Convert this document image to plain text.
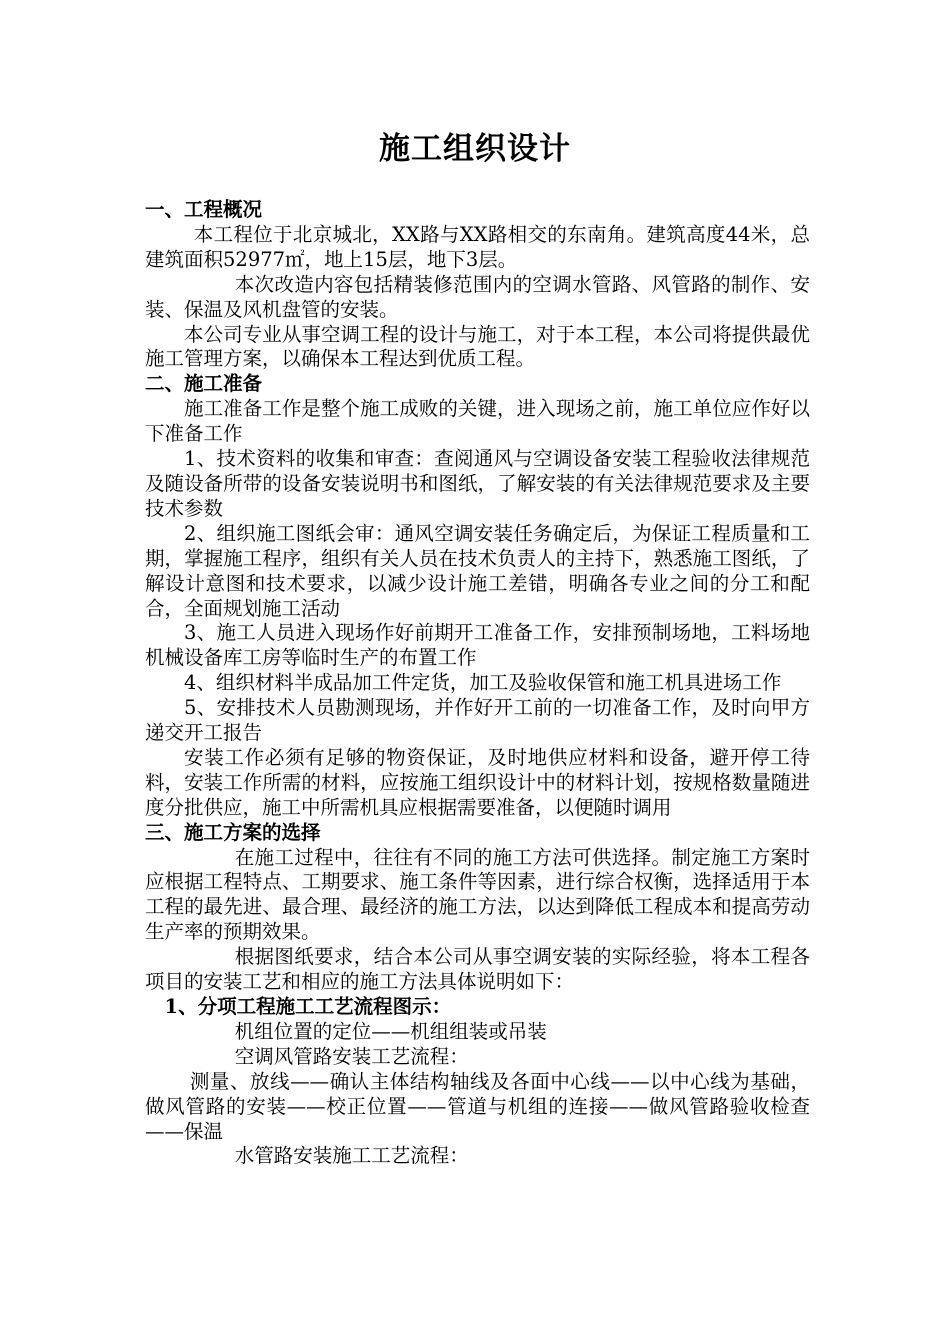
施工组织设计

一、工程概况

本工程位于北京城北，XX路与XX路相交的东南角。建筑高度44米，总建筑面积52977㎡，地上15层，地下3层。

本次改造内容包括精装修范围内的空调水管路、风管路的制作、安装、保温及风机盘管的安装。

本公司专业从事空调工程的设计与施工，对于本工程，本公司将提供最优施工管理方案，以确保本工程达到优质工程。

二、施工准备

施工准备工作是整个施工成败的关键，进入现场之前，施工单位应作好以下准备工作

1、技术资料的收集和审查：查阅通风与空调设备安装工程验收法律规范及随设备所带的设备安装说明书和图纸，了解安装的有关法律规范要求及主要技术参数

2、组织施工图纸会审：通风空调安装任务确定后，为保证工程质量和工期，掌握施工程序，组织有关人员在技术负责人的主持下，熟悉施工图纸，了解设计意图和技术要求，以减少设计施工差错，明确各专业之间的分工和配合，全面规划施工活动

3、施工人员进入现场作好前期开工准备工作，安排预制场地，工料场地机械设备库工房等临时生产的布置工作

4、组织材料半成品加工件定货，加工及验收保管和施工机具进场工作

5、安排技术人员勘测现场，并作好开工前的一切准备工作，及时向甲方递交开工报告

安装工作必须有足够的物资保证，及时地供应材料和设备，避开停工待料，安装工作所需的材料，应按施工组织设计中的材料计划，按规格数量随进度分批供应，施工中所需机具应根据需要准备，以便随时调用

三、施工方案的选择

在施工过程中，往往有不同的施工方法可供选择。制定施工方案时应根据工程特点、工期要求、施工条件等因素，进行综合权衡，选择适用于本工程的最先进、最合理、最经济的施工方法，以达到降低工程成本和提高劳动生产率的预期效果。

根据图纸要求，结合本公司从事空调安装的实际经验，将本工程各项目的安装工艺和相应的施工方法具体说明如下：

1、分项工程施工工艺流程图示：

机组位置的定位——机组组装或吊装

空调风管路安装工艺流程：

测量、放线——确认主体结构轴线及各面中心线——以中心线为基础，做风管路的安装——校正位置——管道与机组的连接——做风管路验收检查——保温

水管路安装施工工艺流程：
